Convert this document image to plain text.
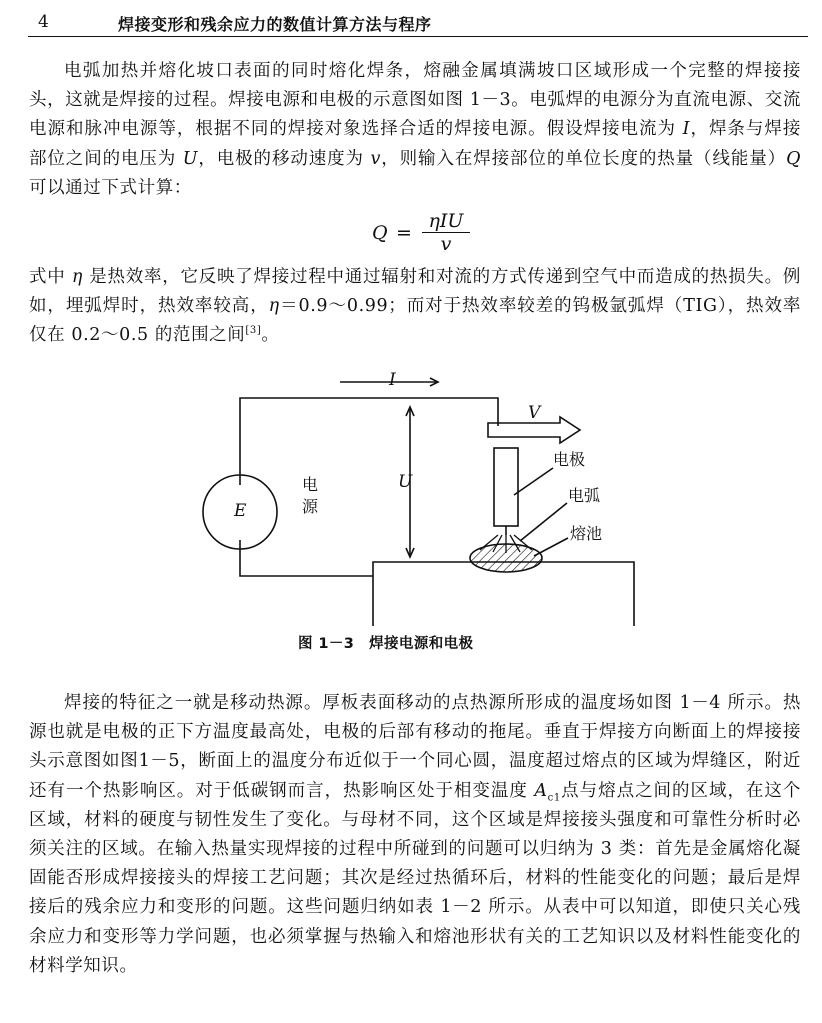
4	焊接变形和残余应力的数值计算方法与程序

电弧加热并熔化坡口表面的同时熔化焊条，熔融金属填满坡口区域形成一个完整的焊接接头，这就是焊接的过程。焊接电源和电极的示意图如图 1－3。电弧焊的电源分为直流电源、交流电源和脉冲电源等，根据不同的焊接对象选择合适的焊接电源。假设焊接电流为 I，焊条与焊接部位之间的电压为 U，电极的移动速度为 v，则输入在焊接部位的单位长度的热量（线能量）Q 可以通过下式计算：

Q =
ηIU
v

式中 η 是热效率，它反映了焊接过程中通过辐射和对流的方式传递到空气中而造成的热损失。例如，埋弧焊时，热效率较高，η＝0.9～0.99；而对于热效率较差的钨极氩弧焊（TIG），热效率仅在 0.2～0.5 的范围之间[3]。

I
V
U
E
电
源
电极
电弧
熔池
图 1－3　焊接电源和电极

焊接的特征之一就是移动热源。厚板表面移动的点热源所形成的温度场如图 1－4 所示。热源也就是电极的正下方温度最高处，电极的后部有移动的拖尾。垂直于焊接方向断面上的焊接接头示意图如图1－5，断面上的温度分布近似于一个同心圆，温度超过熔点的区域为焊缝区，附近还有一个热影响区。对于低碳钢而言，热影响区处于相变温度 $A_{c1}$点与熔点之间的区域，在这个区域，材料的硬度与韧性发生了变化。与母材不同，这个区域是焊接接头强度和可靠性分析时必须关注的区域。在输入热量实现焊接的过程中所碰到的问题可以归纳为 3 类：首先是金属熔化凝固能否形成焊接接头的焊接工艺问题；其次是经过热循环后，材料的性能变化的问题；最后是焊接后的残余应力和变形的问题。这些问题归纳如表 1－2 所示。从表中可以知道，即使只关心残余应力和变形等力学问题，也必须掌握与热输入和熔池形状有关的工艺知识以及材料性能变化的材料学知识。
